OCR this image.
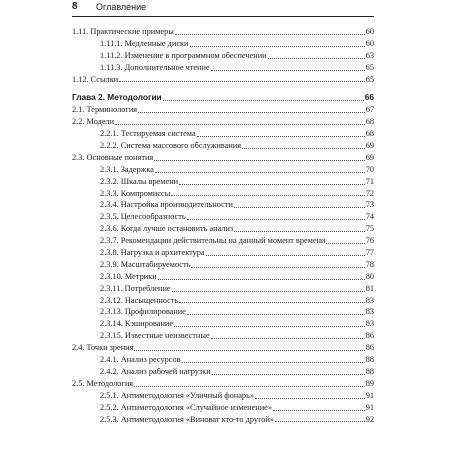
8 Оглавление
1.11. Практические примеры	60
1.11.1. Медленные диски	60
1.11.2. Изменение в программном обеспечении	63
1.11.3. Дополнительное чтение	65
1.12. Ссылки	65
Глава 2. Методологии	66
2.1. Терминология	67
2.2. Модели	68
2.2.1. Тестируемая система	68
2.2.2. Система массового обслуживания	69
2.3. Основные понятия	69
2.3.1. Задержка	70
2.3.2. Шкалы времени	71
2.3.3. Компромиссы	72
2.3.4. Настройка производительности	73
2.3.5. Целесообразность	74
2.3.6. Когда лучше остановить анализ	75
2.3.7. Рекомендации действительны на данный момент времени	76
2.3.8. Нагрузка и архитектура	77
2.3.9. Масштабируемость	78
2.3.10. Метрики	80
2.3.11. Потребление	81
2.3.12. Насыщенность	83
2.3.13. Профилирование	83
2.3.14. Кэширование	83
2.3.15. Известные неизвестные	86
2.4. Точки зрения	86
2.4.1. Анализ ресурсов	88
2.4.2. Анализ рабочей нагрузки	88
2.5. Методология	89
2.5.1. Антиметодология «Уличный фонарь»	91
2.5.2. Антиметодология «Случайное изменение»	91
2.5.3. Антиметодология «Виноват кто-то другой»	92
